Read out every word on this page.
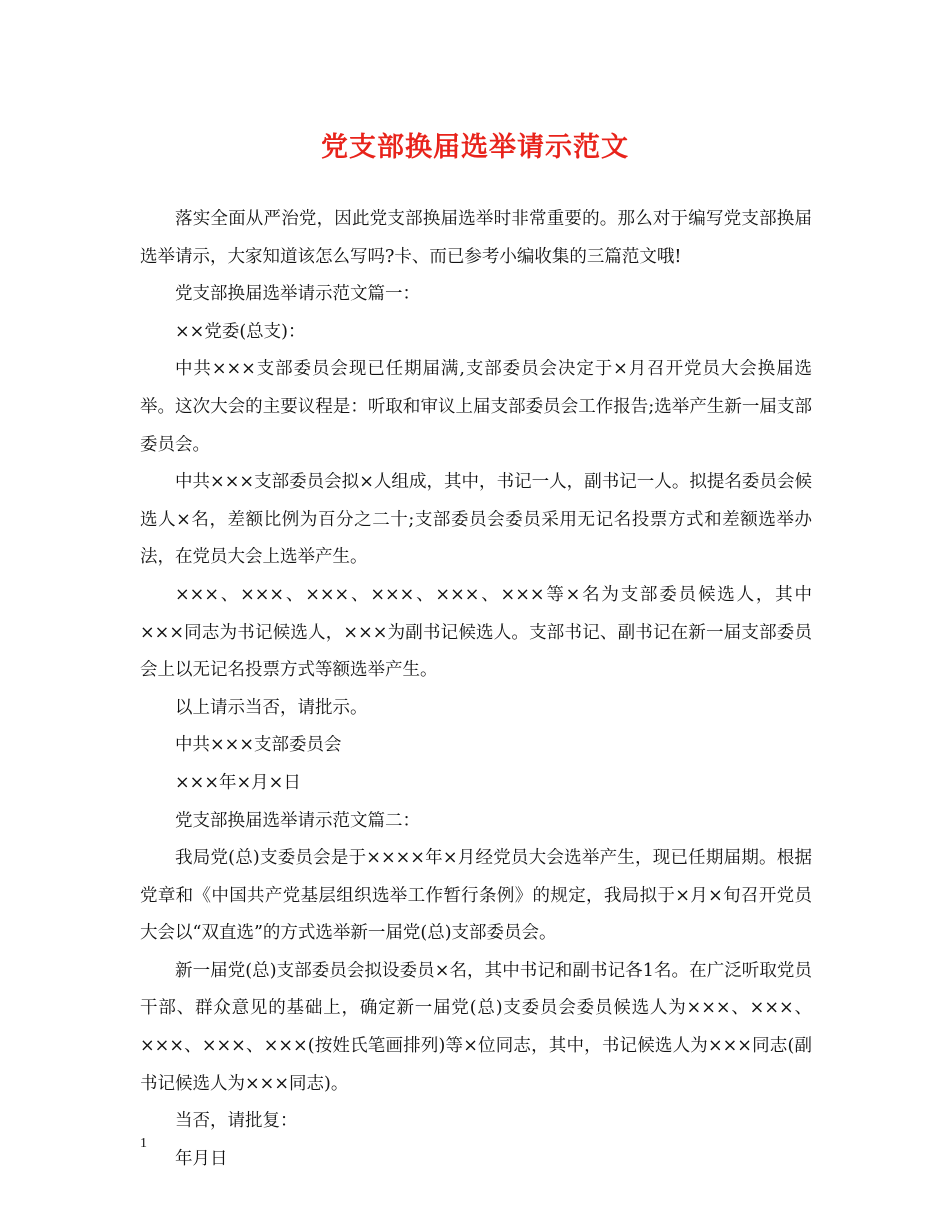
党支部换届选举请示范文

落实全面从严治党，因此党支部换届选举时非常重要的。那么对于编写党支部换届选举请示，大家知道该怎么写吗?卡、而已参考小编收集的三篇范文哦!

党支部换届选举请示范文篇一：

××党委(总支)：

中共×××支部委员会现已任期届满,支部委员会决定于×月召开党员大会换届选举。这次大会的主要议程是：听取和审议上届支部委员会工作报告;选举产生新一届支部委员会。

中共×××支部委员会拟×人组成，其中，书记一人，副书记一人。拟提名委员会候选人×名，差额比例为百分之二十;支部委员会委员采用无记名投票方式和差额选举办法，在党员大会上选举产生。

×××、×××、×××、×××、×××、×××等×名为支部委员候选人，其中×××同志为书记候选人，×××为副书记候选人。支部书记、副书记在新一届支部委员会上以无记名投票方式等额选举产生。

以上请示当否，请批示。

中共×××支部委员会

×××年×月×日

党支部换届选举请示范文篇二：

我局党(总)支委员会是于××××年×月经党员大会选举产生，现已任期届期。根据党章和《中国共产党基层组织选举工作暂行条例》的规定，我局拟于×月×旬召开党员大会以“双直选”的方式选举新一届党(总)支部委员会。

新一届党(总)支部委员会拟设委员×名，其中书记和副书记各1名。在广泛听取党员干部、群众意见的基础上，确定新一届党(总)支委员会委员候选人为×××、×××、×××、×××、×××(按姓氏笔画排列)等×位同志，其中，书记候选人为×××同志(副书记候选人为×××同志)。

当否，请批复：

年月日

1
